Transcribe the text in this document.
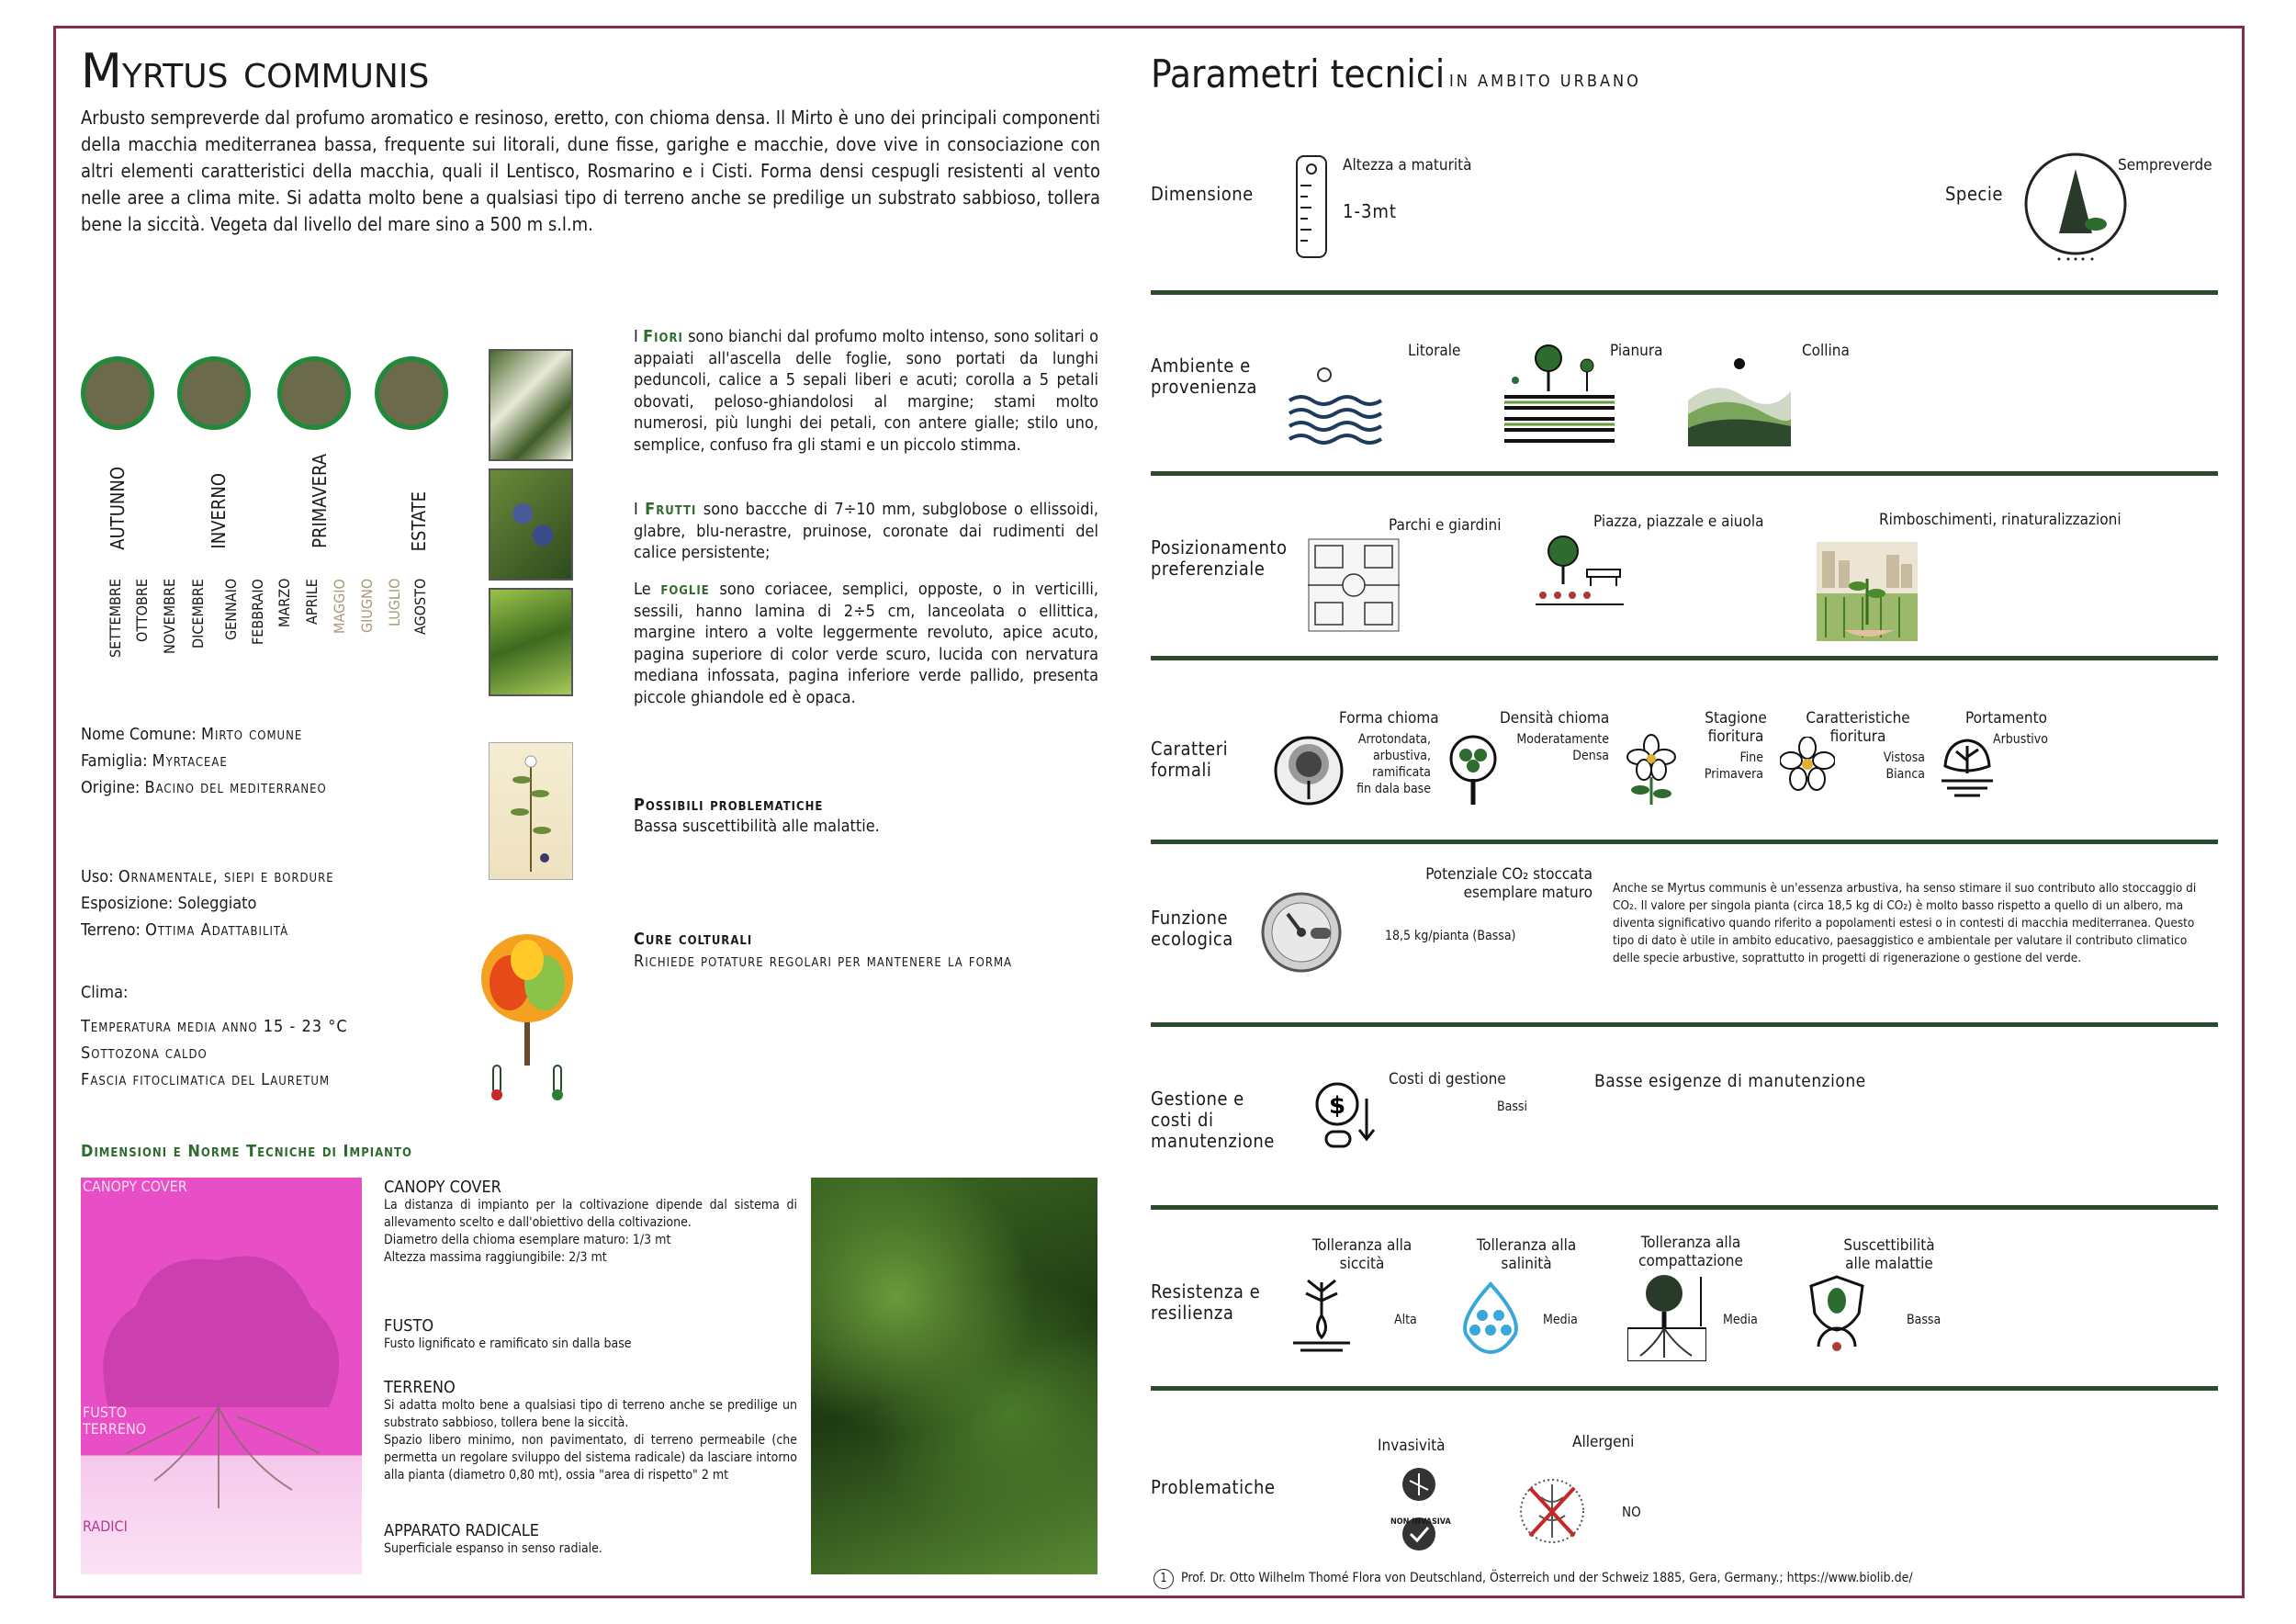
Myrtus communis
Arbusto sempreverde dal profumo aromatico e resinoso, eretto, con chioma densa. Il Mirto è uno dei principali componenti della macchia mediterranea bassa, frequente sui litorali, dune fisse, garighe e macchie, dove vive in consociazione con altri elementi caratteristici della macchia, quali il Lentisco, Rosmarino e i Cisti. Forma densi cespugli resistenti al vento nelle aree a clima mite. Si adatta molto bene a qualsiasi tipo di terreno anche se predilige un substrato sabbioso, tollera bene la siccità. Vegeta dal livello del mare sino a 500 m s.l.m.
AUTUNNO	INVERNO	PRIMAVERA	ESTATE
SETTEMBRE OTTOBRE NOVEMBRE DICEMBRE GENNAIO FEBBRAIO MARZO APRILE MAGGIO GIUGNO LUGLIO AGOSTO
I Fiori sono bianchi dal profumo molto intenso, sono solitari o appaiati all'ascella delle foglie, sono portati da lunghi peduncoli, calice a 5 sepali liberi e acuti; corolla a 5 petali obovati, peloso-ghiandolosi al margine; stami molto numerosi, più lunghi dei petali, con antere gialle; stilo uno, semplice, confuso fra gli stami e un piccolo stimma.
I Frutti sono baccche di 7÷10 mm, subglobose o ellissoidi, glabre, blu-nerastre, pruinose, coronate dai rudimenti del calice persistente;
Le foglie sono coriacee, semplici, opposte, o in verticilli, sessili, hanno lamina di 2÷5 cm, lanceolata o ellittica, margine intero a volte leggermente revoluto, apice acuto, pagina superiore di color verde scuro, lucida con nervatura mediana infossata, pagina inferiore verde pallido, presenta piccole ghiandole ed è opaca.
Nome Comune: Mirto comune
Famiglia: Myrtaceae
Origine: Bacino del mediterraneo
Uso: Ornamentale, siepi e bordure
Esposizione: Soleggiato
Terreno: Ottima Adattabilità
Clima:
Temperatura media anno 15 - 23 °C
Sottozona caldo
Fascia fitoclimatica del Lauretum
Possibili problematiche
Bassa suscettibilità alle malattie.
Cure colturali
Richiede potature regolari per mantenere la forma
Dimensioni e Norme Tecniche di Impianto
CANOPY COVER
FUSTO
TERRENO
RADICI
CANOPY COVER
La distanza di impianto per la coltivazione dipende dal sistema di allevamento scelto e dall'obiettivo della coltivazione.
Diametro della chioma esemplare maturo: 1/3 mt
Altezza massima raggiungibile: 2/3 mt
FUSTO
Fusto lignificato e ramificato sin dalla base
TERRENO
Si adatta molto bene a qualsiasi tipo di terreno anche se predilige un substrato sabbioso, tollera bene la siccità.
Spazio libero minimo, non pavimentato, di terreno permeabile (che permetta un regolare sviluppo del sistema radicale) da lasciare intorno alla pianta (diametro 0,80 mt), ossia "area di rispetto" 2 mt
APPARATO RADICALE
Superficiale espanso in senso radiale.
Parametri tecnici IN AMBITO URBANO
Dimensione
Altezza a maturità
1-3mt
Specie
Sempreverde
Ambiente e provenienza
Litorale	Pianura	Collina
Posizionamento preferenziale
Parchi e giardini	Piazza, piazzale e aiuola	Rimboschimenti, rinaturalizzazioni
Caratteri formali
Forma chioma
Arrotondata, arbustiva, ramificata fin dala base
Densità chioma
Moderatamente Densa
Stagione fioritura
Fine Primavera
Caratteristiche fioritura
Vistosa Bianca
Portamento
Arbustivo
Funzione ecologica
Potenziale CO₂ stoccata esemplare maturo
18,5 kg/pianta (Bassa)
Anche se Myrtus communis è un'essenza arbustiva, ha senso stimare il suo contributo allo stoccaggio di CO₂. Il valore per singola pianta (circa 18,5 kg di CO₂) è molto basso rispetto a quello di un albero, ma diventa significativo quando riferito a popolamenti estesi o in contesti di macchia mediterranea. Questo tipo di dato è utile in ambito educativo, paesaggistico e ambientale per valutare il contributo climatico delle specie arbustive, soprattutto in progetti di rigenerazione o gestione del verde.
Gestione e costi di manutenzione
$
Costi di gestione
Bassi
Basse esigenze di manutenzione
Resistenza e resilienza
Tolleranza alla siccità
Alta
Tolleranza alla salinità
Media
Tolleranza alla compattazione
Media
Suscettibilità alle malattie
Bassa
Problematiche
Invasività
NON INVASIVA
Allergeni
NO
1	Prof. Dr. Otto Wilhelm Thomé Flora von Deutschland, Österreich und der Schweiz 1885, Gera, Germany.; https://www.biolib.de/
